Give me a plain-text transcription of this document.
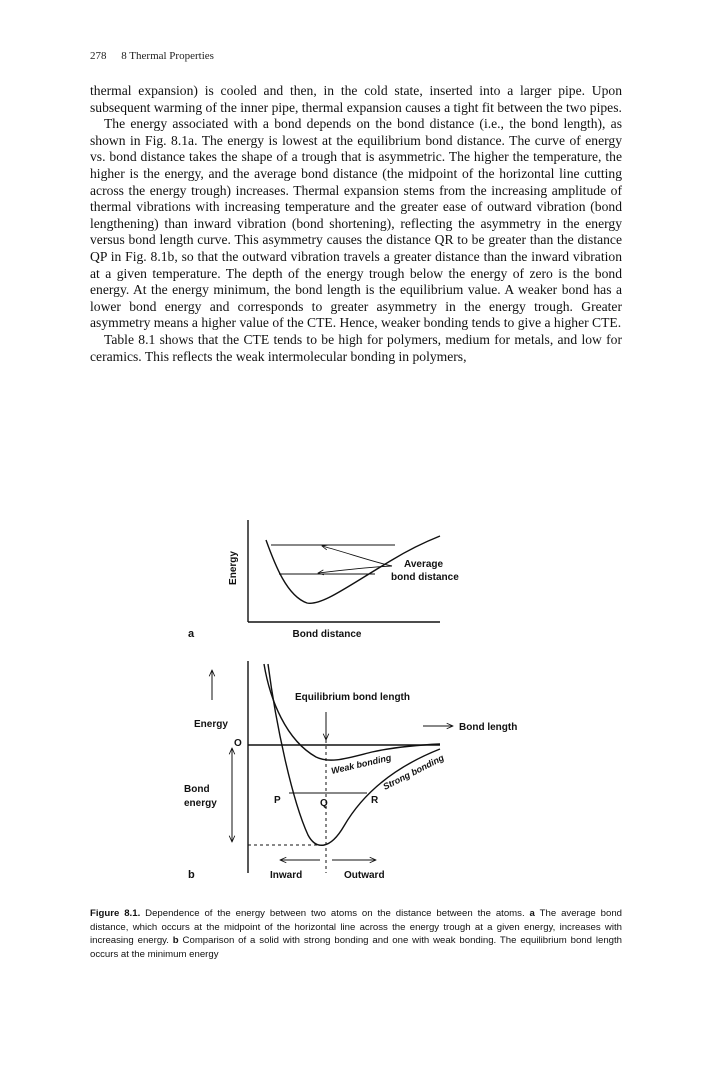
278 8 Thermal Properties

thermal expansion) is cooled and then, in the cold state, inserted into a larger pipe. Upon subsequent warming of the inner pipe, thermal expansion causes a tight fit between the two pipes.

The energy associated with a bond depends on the bond distance (i.e., the bond length), as shown in Fig. 8.1a. The energy is lowest at the equilibrium bond distance. The curve of energy vs. bond distance takes the shape of a trough that is asymmetric. The higher the temperature, the higher is the energy, and the average bond distance (the midpoint of the horizontal line cutting across the energy trough) increases. Thermal expansion stems from the increasing amplitude of thermal vibrations with increasing temperature and the greater ease of outward vibration (bond lengthening) than inward vibration (bond shortening), reflecting the asymmetry in the energy versus bond length curve. This asymmetry causes the distance QR to be greater than the distance QP in Fig. 8.1b, so that the outward vibration travels a greater distance than the inward vibration at a given temperature. The depth of the energy trough below the energy of zero is the bond energy. At the energy minimum, the bond length is the equilibrium value. A weaker bond has a lower bond energy and corresponds to greater asymmetry in the energy trough. Greater asymmetry means a higher value of the CTE. Hence, weaker bonding tends to give a higher CTE.

Table 8.1 shows that the CTE tends to be high for polymers, medium for metals, and low for ceramics. This reflects the weak intermolecular bonding in polymers,

Energy	Average
bond distance
Bond distance
a
Energy	Bond length
Equilibrium bond length
O
P	Q	R
Bond
energy
Weak bonding
Strong bonding
Inward	Outward
b
Figure 8.1. Dependence of the energy between two atoms on the distance between the atoms. a The average bond distance, which occurs at the midpoint of the horizontal line across the energy trough at a given energy, increases with increasing energy. b Comparison of a solid with strong bonding and one with weak bonding. The equilibrium bond length occurs at the minimum energy
